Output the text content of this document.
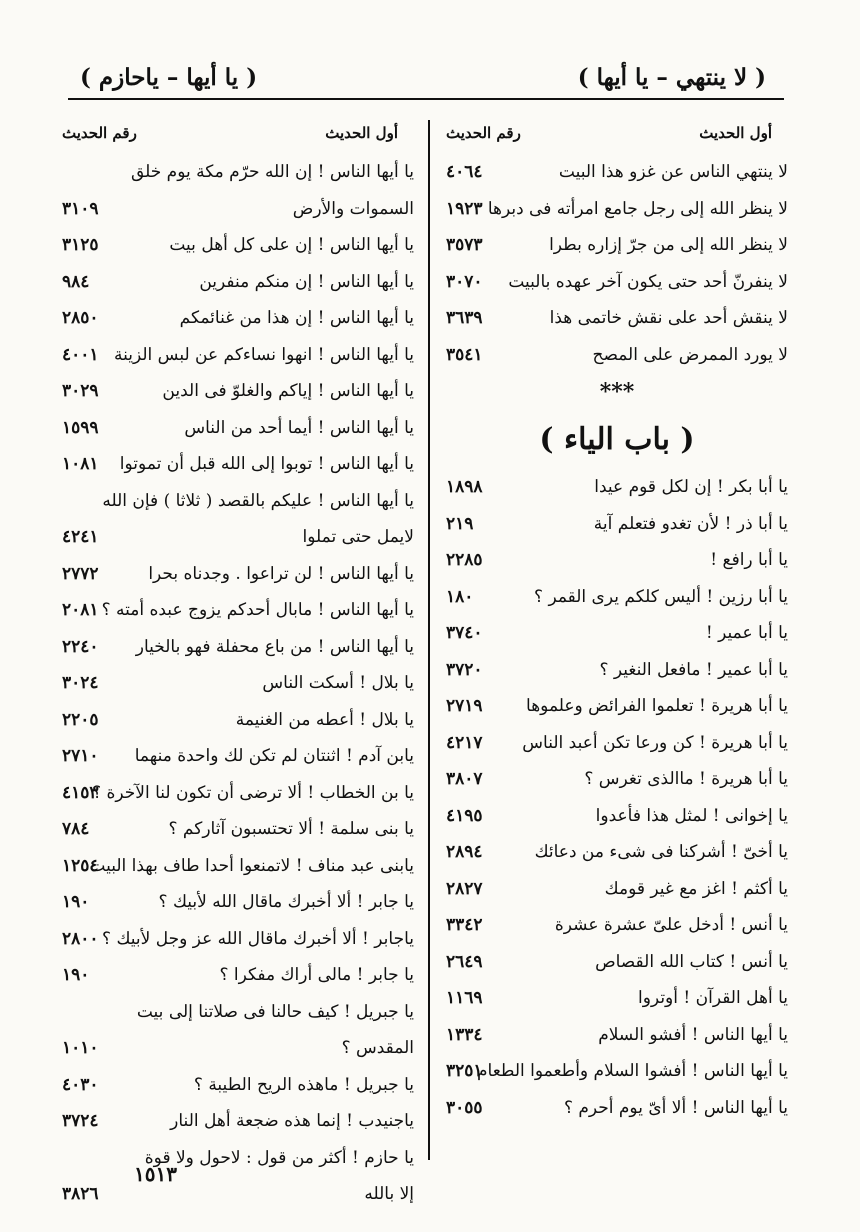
( لا ينتهي – يا أيها )
( يا أيها – ياحازم )
أول الحديث
رقم الحديث
لا ينتهي الناس عن غزو هذا البيت
٤٠٦٤
لا ينظر الله إلى رجل جامع امرأته فى دبرها
١٩٢٣
لا ينظر الله إلى من جرّ إزاره بطرا
٣٥٧٣
لا ينفرنّ أحد حتى يكون آخر عهده بالبيت
٣٠٧٠
لا ينقش أحد على نقش خاتمى هذا
٣٦٣٩
لا يورد الممرض على المصح
٣٥٤١
*‌*‌*
( باب الياء )
يا أبا بكر ! إن لكل قوم عيدا
١٨٩٨
يا أبا ذر ! لأن تغدو فتعلم آية
٢١٩
يا أبا رافع !
٢٢٨٥
يا أبا رزين ! أليس كلكم يرى القمر ؟
١٨٠
يا أبا عمير !
٣٧٤٠
يا أبا عمير ! مافعل النغير ؟
٣٧٢٠
يا أبا هريرة ! تعلموا الفرائض وعلموها
٢٧١٩
يا أبا هريرة ! كن ورعا تكن أعبد الناس
٤٢١٧
يا أبا هريرة ! ماالذى تغرس ؟
٣٨٠٧
يا إخوانى ! لمثل هذا فأعدوا
٤١٩٥
يا أخىّ ! أشركنا فى شىء من دعائك
٢٨٩٤
يا أكثم ! اغز مع غير قومك
٢٨٢٧
يا أنس ! أدخل علىّ عشرة عشرة
٣٣٤٢
يا أنس ! كتاب الله القصاص
٢٦٤٩
يا أهل القرآن ! أوتروا
١١٦٩
يا أيها الناس ! أفشو السلام
١٣٣٤
يا أيها الناس ! أفشوا السلام وأطعموا الطعام
٣٢٥١
يا أيها الناس ! ألا أىّ يوم أحرم ؟
٣٠٥٥
أول الحديث
رقم الحديث
يا أيها الناس ! إن الله حرّم مكة يوم خلق
السموات والأرض
٣١٠٩
يا أيها الناس ! إن على كل أهل بيت
٣١٢٥
يا أيها الناس ! إن منكم منفرين
٩٨٤
يا أيها الناس ! إن هذا من غنائمكم
٢٨٥٠
يا أيها الناس ! انهوا نساءكم عن لبس الزينة
٤٠٠١
يا أيها الناس ! إياكم والغلوّ فى الدين
٣٠٢٩
يا أيها الناس ! أيما أحد من الناس
١٥٩٩
يا أيها الناس ! توبوا إلى الله قبل أن تموتوا
١٠٨١
يا أيها الناس ! عليكم بالقصد ( ثلاثا ) فإن الله
لايمل حتى تملوا
٤٢٤١
يا أيها الناس ! لن تراعوا . وجدناه بحرا
٢٧٧٢
يا أيها الناس ! مابال أحدكم يزوج عبده أمته ؟
٢٠٨١
يا أيها الناس ! من باع محفلة فهو بالخيار
٢٢٤٠
يا بلال ! أسكت الناس
٣٠٢٤
يا بلال ! أعطه من الغنيمة
٢٢٠٥
يابن آدم ! اثنتان لم تكن لك واحدة منهما
٢٧١٠
يا بن الخطاب ! ألا ترضى أن تكون لنا الآخرة ؟
٤١٥٣
يا بنى سلمة ! ألا تحتسبون آثاركم ؟
٧٨٤
يابنى عبد مناف ! لاتمنعوا أحدا طاف بهذا البيت
١٢٥٤
يا جابر ! ألا أخبرك ماقال الله لأبيك ؟
١٩٠
ياجابر ! ألا أخبرك ماقال الله عز وجل لأبيك ؟
٢٨٠٠
يا جابر ! مالى أراك مفكرا ؟
١٩٠
يا جبريل ! كيف حالنا فى صلاتنا إلى بيت
المقدس ؟
١٠١٠
يا جبريل ! ماهذه الريح الطيبة ؟
٤٠٣٠
ياجنيدب ! إنما هذه ضجعة أهل النار
٣٧٢٤
يا حازم ! أكثر من قول : لاحول ولا قوة
إلا بالله
٣٨٢٦
١٥١٣
